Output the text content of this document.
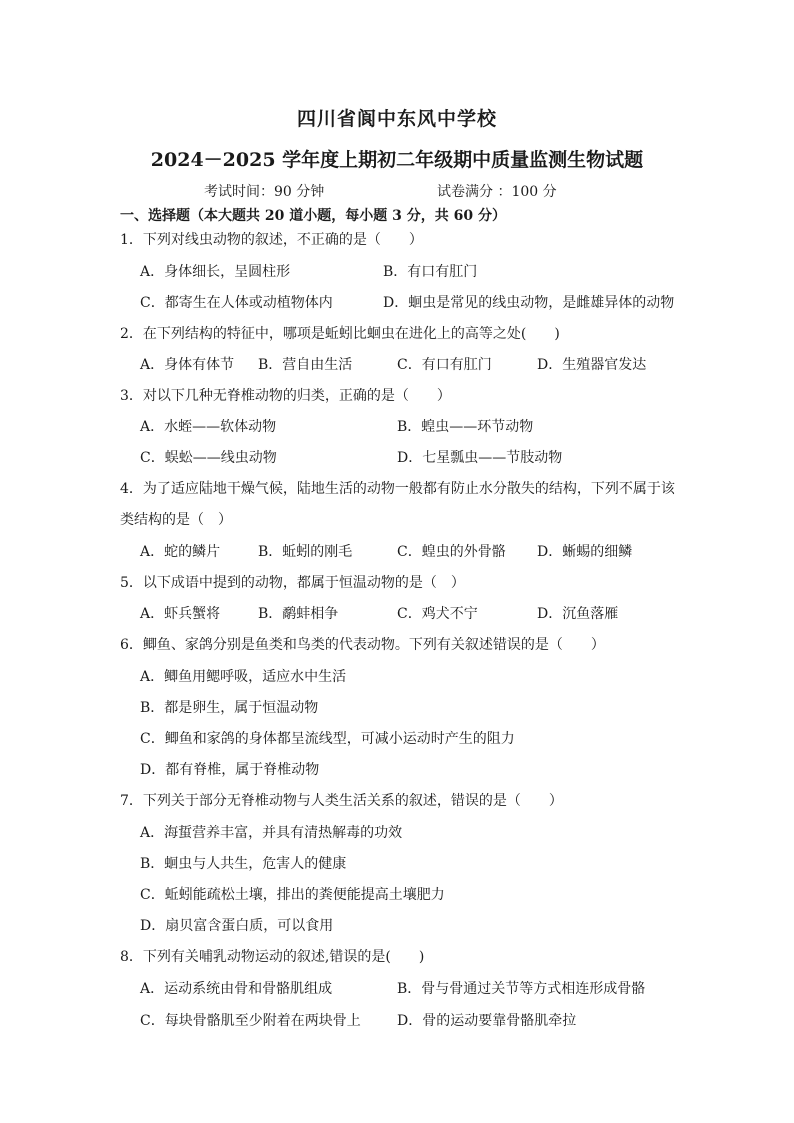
四川省阆中东风中学校
2024－2025 学年度上期初二年级期中质量监测生物试题
考试时间：90 分钟	试卷满分 ：100 分
一、选择题（本大题共 20 道小题，每小题 3 分，共 60 分）
1．下列对线虫动物的叙述，不正确的是（　　）
A．身体细长，呈圆柱形	B．有口有肛门
C．都寄生在人体或动植物体内	D．蛔虫是常见的线虫动物，是雌雄异体的动物
2．在下列结构的特征中，哪项是蚯蚓比蛔虫在进化上的高等之处(　　)
A．身体有体节 B．营自由生活	C．有口有肛门	D．生殖器官发达
3．对以下几种无脊椎动物的归类，正确的是（　　）
A．水蛭——软体动物	B．蝗虫——环节动物
C．蜈蚣——线虫动物	D．七星瓢虫——节肢动物
4．为了适应陆地干燥气候，陆地生活的动物一般都有防止水分散失的结构，下列不属于该
类结构的是（　）
A．蛇的鳞片	B．蚯蚓的刚毛	C．蝗虫的外骨骼 D．蜥蜴的细鳞
5．以下成语中提到的动物，都属于恒温动物的是（　）
A．虾兵蟹将	B．鹬蚌相争	C．鸡犬不宁	D．沉鱼落雁
6．鲫鱼、家鸽分别是鱼类和鸟类的代表动物。下列有关叙述错误的是（　　）
A．鲫鱼用鳃呼吸，适应水中生活
B．都是卵生，属于恒温动物
C．鲫鱼和家鸽的身体都呈流线型，可减小运动时产生的阻力
D．都有脊椎，属于脊椎动物
7．下列关于部分无脊椎动物与人类生活关系的叙述，错误的是（　　）
A．海蜇营养丰富，并具有清热解毒的功效
B．蛔虫与人共生，危害人的健康
C．蚯蚓能疏松土壤，排出的粪便能提高土壤肥力
D．扇贝富含蛋白质，可以食用
8．下列有关哺乳动物运动的叙述,错误的是(　　)
A．运动系统由骨和骨骼肌组成	B．骨与骨通过关节等方式相连形成骨骼
C．每块骨骼肌至少附着在两块骨上	D．骨的运动要靠骨骼肌牵拉
